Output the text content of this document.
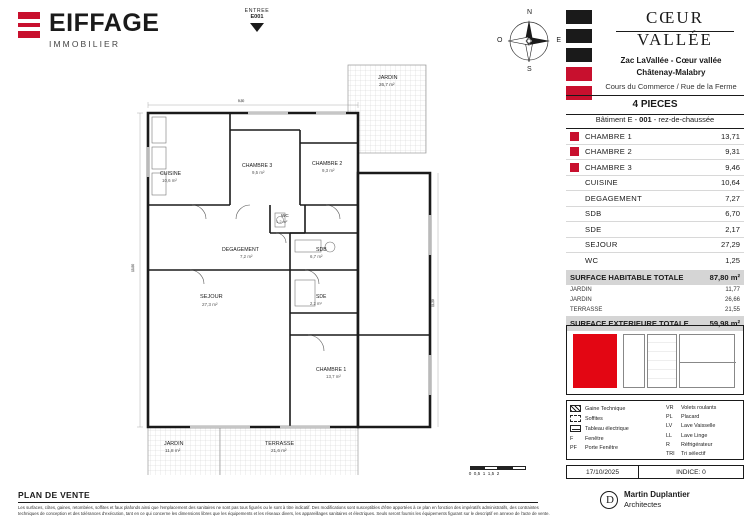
EIFFAGE
IMMOBILIER
ENTREE
E001
N
S
E
O
CŒUR
VALLÉE
Zac LaVallée - Cœur vallée
Châtenay-Malabry
Cours du Commerce / Rue de la Ferme
4 PIECES
Bâtiment E - 001 - rez-de-chaussée
CHAMBRE 1	13,71
CHAMBRE 2	9,31
CHAMBRE 3	9,46
CUISINE	10,64
DEGAGEMENT	7,27
SDB	6,70
SDE	2,17
SEJOUR	27,29
WC	1,25
SURFACE HABITABLE TOTALE	87,80 m²
JARDIN	11,77
JARDIN	26,66
TERRASSE	21,55
SURFACE EXTERIEURE TOTALE	59,98 m²
Gaine Technique
Soffites
Tableau électrique
F	Fenêtre
PF	Porte Fenêtre
VR	Volets roulants
PL	Placard
LV	Lave Vaisselle
LL	Lave Linge
R	Réfrigérateur
TRI	Tri sélectif
17/10/2025	INDICE: 0
D
Martin Duplantier
Architectes
0 0,5 1 1,5 2
JARDIN
26,7 m²
JARDIN
11,8 m²
TERRASSE
21,6 m²
CUISINE
10,6 m²
CHAMBRE 3
9,5 m²
CHAMBRE 2
9,3 m²
WC
1,2 m²
DEGAGEMENT
7,2 m²
SDB
6,7 m²
SEJOUR
27,3 m²
SDE
2,2 m²
CHAMBRE 1
13,7 m²
9.30
13.80
11.20
PLAN DE VENTE
Les surfaces, côtes, gaines, retombées, soffites et faux plafonds ainsi que l'emplacement des sanitaires ne sont pas tous figurés ou le sont à titre indicatif. Des modifications sont susceptibles d'être apportées à ce plan en fonction des impératifs administratifs, des contraintes techniques de conception et des tolérances d'exécution, tant en ce qui concerne les dimensions libres que les équipements et les réseaux divers, les appareillages sanitaires et électriques. Seuls seront fournis les équipements figurant sur le descriptif en annexe de l'acte de vente.
